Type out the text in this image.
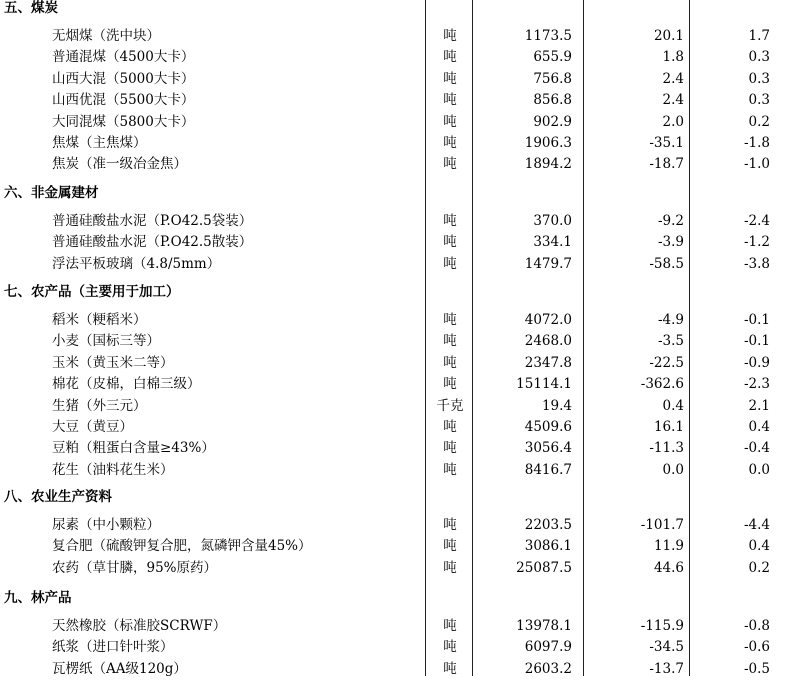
五、煤炭
无烟煤（洗中块）	吨	1173.5	20.1	1.7
普通混煤（4500大卡）	吨	655.9	1.8	0.3
山西大混（5000大卡）	吨	756.8	2.4	0.3
山西优混（5500大卡）	吨	856.8	2.4	0.3
大同混煤（5800大卡）	吨	902.9	2.0	0.2
焦煤（主焦煤）	吨	1906.3	-35.1	-1.8
焦炭（准一级冶金焦）	吨	1894.2	-18.7	-1.0
六、非金属建材
普通硅酸盐水泥（P.O42.5袋装）	吨	370.0	-9.2	-2.4
普通硅酸盐水泥（P.O42.5散装）	吨	334.1	-3.9	-1.2
浮法平板玻璃（4.8/5mm）	吨	1479.7	-58.5	-3.8
七、农产品（主要用于加工）
稻米（粳稻米）	吨	4072.0	-4.9	-0.1
小麦（国标三等）	吨	2468.0	-3.5	-0.1
玉米（黄玉米二等）	吨	2347.8	-22.5	-0.9
棉花（皮棉，白棉三级）	吨	15114.1	-362.6	-2.3
生猪（外三元）	千克	19.4	0.4	2.1
大豆（黄豆）	吨	4509.6	16.1	0.4
豆粕（粗蛋白含量≥43%）	吨	3056.4	-11.3	-0.4
花生（油料花生米）	吨	8416.7	0.0	0.0
八、农业生产资料
尿素（中小颗粒）	吨	2203.5	-101.7	-4.4
复合肥（硫酸钾复合肥，氮磷钾含量45%）	吨	3086.1	11.9	0.4
农药（草甘膦，95%原药）	吨	25087.5	44.6	0.2
九、林产品
天然橡胶（标准胶SCRWF）	吨	13978.1	-115.9	-0.8
纸浆（进口针叶浆）	吨	6097.9	-34.5	-0.6
瓦楞纸（AA级120g）	吨	2603.2	-13.7	-0.5
